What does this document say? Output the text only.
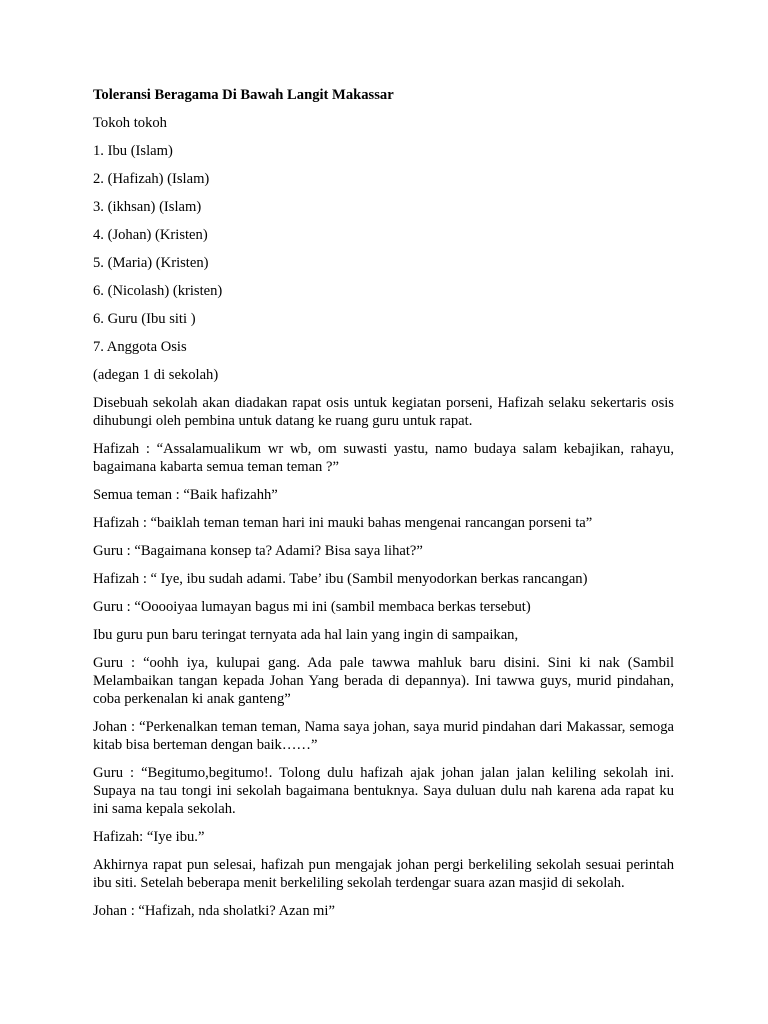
Toleransi Beragama Di Bawah Langit Makassar

Tokoh tokoh

1. Ibu (Islam)

2. (Hafizah) (Islam)

3. (ikhsan) (Islam)

4. (Johan) (Kristen)

5. (Maria) (Kristen)

6. (Nicolash) (kristen)

6. Guru (Ibu siti )

7. Anggota Osis

(adegan 1 di sekolah)

Disebuah sekolah akan diadakan rapat osis untuk kegiatan porseni, Hafizah selaku sekertaris osis dihubungi oleh pembina untuk datang ke ruang guru untuk rapat.

Hafizah : “Assalamualikum wr wb, om suwasti yastu, namo budaya salam kebajikan, rahayu, bagaimana kabarta semua teman teman ?”

Semua teman : “Baik hafizahh”

Hafizah : “baiklah teman teman hari ini mauki bahas mengenai rancangan porseni ta”

Guru : “Bagaimana konsep ta? Adami? Bisa saya lihat?”

Hafizah : “ Iye, ibu sudah adami. Tabe’ ibu (Sambil menyodorkan berkas rancangan)

Guru : “Ooooiyaa lumayan bagus mi ini (sambil membaca berkas tersebut)

Ibu guru pun baru teringat ternyata ada hal lain yang ingin di sampaikan,

Guru : “oohh iya, kulupai gang. Ada pale tawwa mahluk baru disini. Sini ki nak (Sambil Melambaikan tangan kepada Johan Yang berada di depannya). Ini tawwa guys, murid pindahan, coba perkenalan ki anak ganteng”

Johan : “Perkenalkan teman teman, Nama saya johan, saya murid pindahan dari Makassar, semoga kitab bisa berteman dengan baik……”

Guru : “Begitumo,begitumo!. Tolong dulu hafizah ajak johan jalan jalan keliling sekolah ini. Supaya na tau tongi ini sekolah bagaimana bentuknya. Saya duluan dulu nah karena ada rapat ku ini sama kepala sekolah.

Hafizah: “Iye ibu.”

Akhirnya rapat pun selesai, hafizah pun mengajak johan pergi berkeliling sekolah sesuai perintah ibu siti. Setelah beberapa menit berkeliling sekolah terdengar suara azan masjid di sekolah.

Johan : “Hafizah, nda sholatki? Azan mi”
